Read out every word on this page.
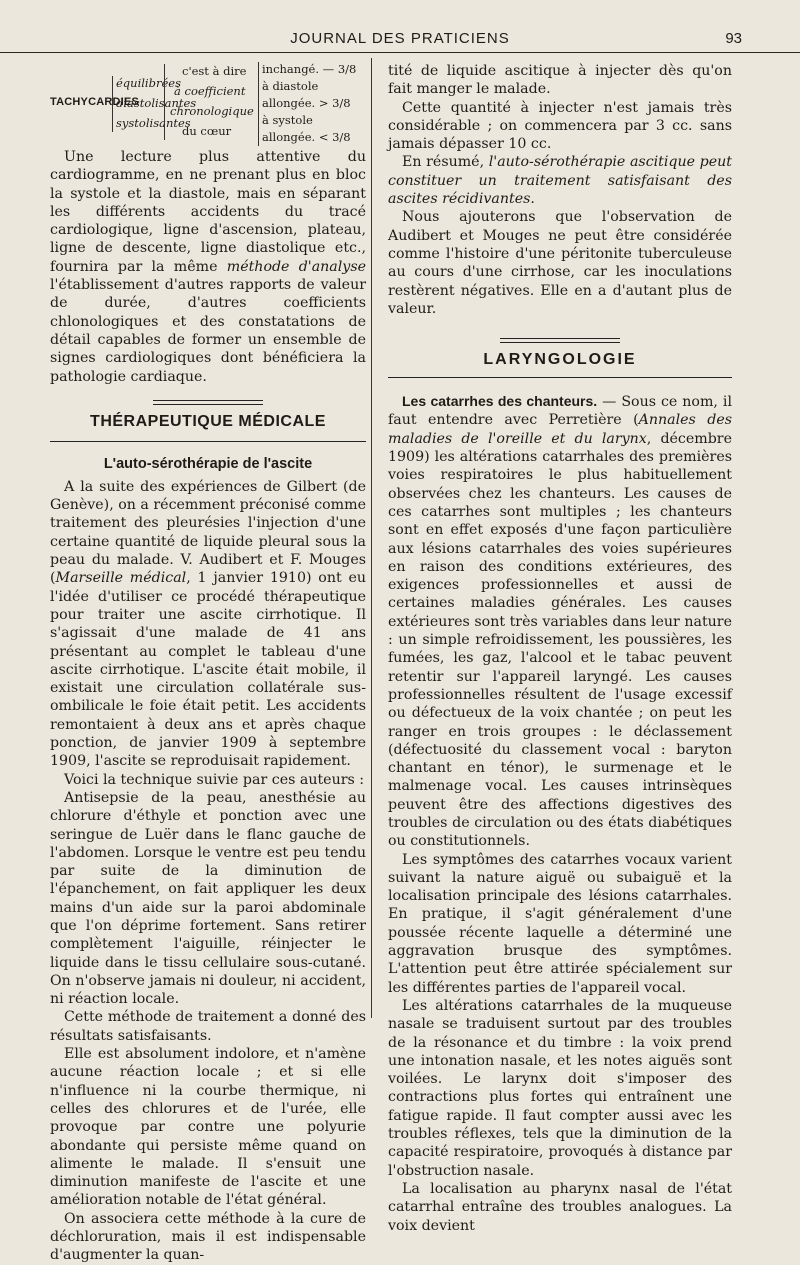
JOURNAL DES PRATICIENS	93
TACHYCARDIES
équilibrées
diastolisantes
systolisantes
c'est à dire
à coefficient
chronologique
du cœur
inchangé. — 3/8
à diastole
allongée. > 3/8
à systole
allongée. < 3/8

Une lecture plus attentive du cardiogramme, en ne prenant plus en bloc la systole et la diastole, mais en séparant les différents accidents du tracé cardiologique, ligne d'ascension, plateau, ligne de descente, ligne diastolique etc., fournira par la même méthode d'analyse l'établissement d'autres rapports de valeur de durée, d'autres coefficients chlonologiques et des constatations de détail capables de former un ensemble de signes cardiologiques dont bénéficiera la pathologie cardiaque.

THÉRAPEUTIQUE MÉDICALE
L'auto-sérothérapie de l'ascite

A la suite des expériences de Gilbert (de Genève), on a récemment préconisé comme traitement des pleurésies l'injection d'une certaine quantité de liquide pleural sous la peau du malade. V. Audibert et F. Mouges (Marseille médical, 1 janvier 1910) ont eu l'idée d'utiliser ce procédé thérapeutique pour traiter une ascite cirrhotique. Il s'agissait d'une malade de 41 ans présentant au complet le tableau d'une ascite cirrhotique. L'ascite était mobile, il existait une circulation collatérale sus-ombilicale le foie était petit. Les accidents remontaient à deux ans et après chaque ponction, de janvier 1909 à septembre 1909, l'ascite se reproduisait rapidement.

Voici la technique suivie par ces auteurs :

Antisepsie de la peau, anesthésie au chlorure d'éthyle et ponction avec une seringue de Luër dans le flanc gauche de l'abdomen. Lorsque le ventre est peu tendu par suite de la diminution de l'épanchement, on fait appliquer les deux mains d'un aide sur la paroi abdominale que l'on déprime fortement. Sans retirer complètement l'aiguille, réinjecter le liquide dans le tissu cellulaire sous-cutané. On n'observe jamais ni douleur, ni accident, ni réaction locale.

Cette méthode de traitement a donné des résultats satisfaisants.

Elle est absolument indolore, et n'amène aucune réaction locale ; et si elle n'influence ni la courbe thermique, ni celles des chlorures et de l'urée, elle provoque par contre une polyurie abondante qui persiste même quand on alimente le malade. Il s'ensuit une diminution manifeste de l'ascite et une amélioration notable de l'état général.

On associera cette méthode à la cure de déchloruration, mais il est indispensable d'augmenter la quan-

tité de liquide ascitique à injecter dès qu'on fait manger le malade.

Cette quantité à injecter n'est jamais très considérable ; on commencera par 3 cc. sans jamais dépasser 10 cc.

En résumé, l'auto-sérothérapie ascitique peut constituer un traitement satisfaisant des ascites récidivantes.

Nous ajouterons que l'observation de Audibert et Mouges ne peut être considérée comme l'histoire d'une péritonite tuberculeuse au cours d'une cirrhose, car les inoculations restèrent négatives. Elle en a d'autant plus de valeur.

LARYNGOLOGIE

Les catarrhes des chanteurs. — Sous ce nom, il faut entendre avec Perretière (Annales des maladies de l'oreille et du larynx, décembre 1909) les altérations catarrhales des premières voies respiratoires le plus habituellement observées chez les chanteurs. Les causes de ces catarrhes sont multiples ; les chanteurs sont en effet exposés d'une façon particulière aux lésions catarrhales des voies supérieures en raison des conditions extérieures, des exigences professionnelles et aussi de certaines maladies générales. Les causes extérieures sont très variables dans leur nature : un simple refroidissement, les poussières, les fumées, les gaz, l'alcool et le tabac peuvent retentir sur l'appareil laryngé. Les causes professionnelles résultent de l'usage excessif ou défectueux de la voix chantée ; on peut les ranger en trois groupes : le déclassement (défectuosité du classement vocal : baryton chantant en ténor), le surmenage et le malmenage vocal. Les causes intrinsèques peuvent être des affections digestives des troubles de circulation ou des états diabétiques ou constitutionnels.

Les symptômes des catarrhes vocaux varient suivant la nature aiguë ou subaiguë et la localisation principale des lésions catarrhales. En pratique, il s'agit généralement d'une poussée récente laquelle a déterminé une aggravation brusque des symptômes. L'attention peut être attirée spécialement sur les différentes parties de l'appareil vocal.

Les altérations catarrhales de la muqueuse nasale se traduisent surtout par des troubles de la résonance et du timbre : la voix prend une intonation nasale, et les notes aiguës sont voilées. Le larynx doit s'imposer des contractions plus fortes qui entraînent une fatigue rapide. Il faut compter aussi avec les troubles réflexes, tels que la diminution de la capacité respiratoire, provoqués à distance par l'obstruction nasale.

La localisation au pharynx nasal de l'état catarrhal entraîne des troubles analogues. La voix devient
